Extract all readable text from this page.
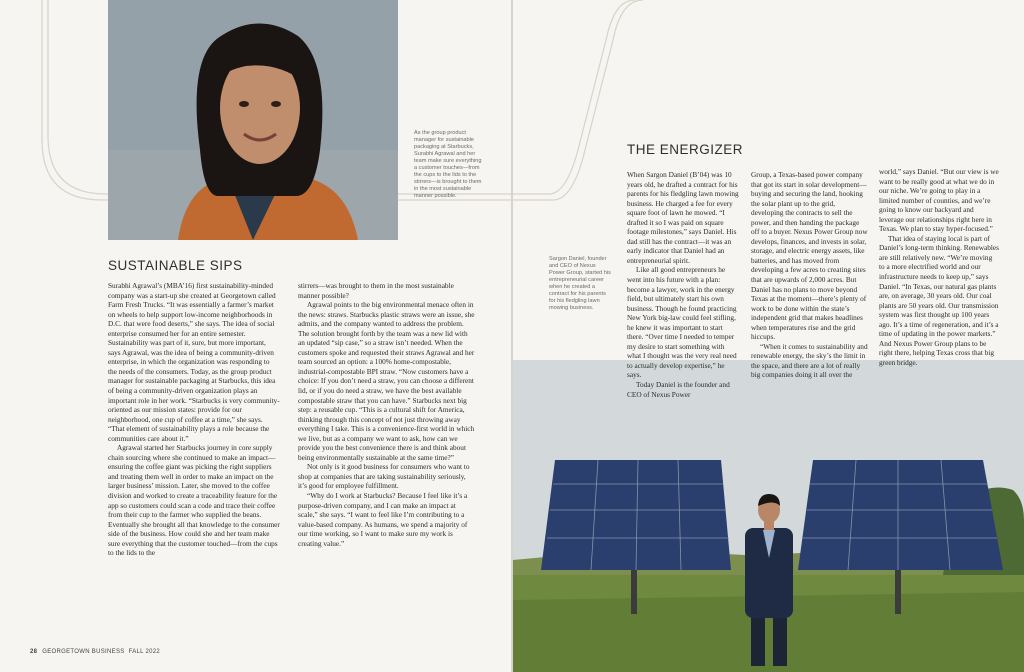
As the group product manager for sustainable packaging at Starbucks, Surabhi Agrawal and her team make sure everything a customer touches—from the cups to the lids to the stirrers—is brought to them in the most sustainable manner possible.
SUSTAINABLE SIPS

Surabhi Agrawal’s (MBA’16) first sustainability-minded company was a start-up she created at Georgetown called Farm Fresh Trucks. “It was essentially a farmer’s market on wheels to help support low-income neighborhoods in D.C. that were food deserts,” she says. The idea of social enterprise consumed her for an entire semester. Sustainability was part of it, sure, but more important, says Agrawal, was the idea of being a community-driven enterprise, in which the organization was responding to the needs of the consumers. Today, as the group product manager for sustainable packaging at Starbucks, this idea of being a community-driven organization plays an important role in her work. “Starbucks is very community-oriented as our mission states: provide for our neighborhood, one cup of coffee at a time,” she says. “That element of sustainability plays a role because the communities care about it.”

Agrawal started her Starbucks journey in core supply chain sourcing where she continued to make an impact—ensuring the coffee giant was picking the right suppliers and treating them well in order to make an impact on the larger business’ mission. Later, she moved to the coffee division and worked to create a traceability feature for the app so customers could scan a code and trace their coffee from their cup to the farmer who supplied the beans. Eventually she brought all that knowledge to the consumer side of the business. How could she and her team make sure everything that the customer touched—from the cups to the lids to the

stirrers—was brought to them in the most sustainable manner possible?

Agrawal points to the big environmental menace often in the news: straws. Starbucks plastic straws were an issue, she admits, and the company wanted to address the problem. The solution brought forth by the team was a new lid with an updated “sip case,” so a straw isn’t needed. When the customers spoke and requested their straws Agrawal and her team sourced an option: a 100% home-compostable, industrial-compostable BPI straw. “Now customers have a choice: If you don’t need a straw, you can choose a different lid, or if you do need a straw, we have the best available compostable straw that you can have.” Starbucks next big step: a reusable cup. “This is a cultural shift for America, thinking through this concept of not just throwing away everything I take. This is a convenience-first world in which we live, but as a company we want to ask, how can we provide you the best convenience there is and think about being environmentally sustainable at the same time?”

Not only is it good business for consumers who want to shop at companies that are taking sustainability seriously, it’s good for employee fulfillment.

“Why do I work at Starbucks? Because I feel like it’s a purpose-driven company, and I can make an impact at scale,” she says. “I want to feel like I’m contributing to a value-based company. As humans, we spend a majority of our time working, so I want to make sure my work is creating value.”

28 GEORGETOWN BUSINESS FALL 2022
Sargon Daniel, founder and CEO of Nexus Power Group, started his entrepreneurial career when he created a contract for his parents for his fledgling lawn mowing business.
THE ENERGIZER

When Sargon Daniel (B’04) was 10 years old, he drafted a contract for his parents for his fledgling lawn mowing business. He charged a fee for every square foot of lawn he mowed. “I drafted it so I was paid on square footage milestones,” says Daniel. His dad still has the contract—it was an early indicator that Daniel had an entrepreneurial spirit.

Like all good entrepreneurs he went into his future with a plan: become a lawyer, work in the energy field, but ultimately start his own business. Though he found practicing New York big-law could feel stifling, he knew it was important to start there. “Over time I needed to temper my desire to start something with what I thought was the very real need to actually develop expertise,” he says.

Today Daniel is the founder and CEO of Nexus Power

Group, a Texas-based power company that got its start in solar development—buying and securing the land, hooking the solar plant up to the grid, developing the contracts to sell the power, and then handing the package off to a buyer. Nexus Power Group now develops, finances, and invests in solar, storage, and electric energy assets, like batteries, and has moved from developing a few acres to creating sites that are upwards of 2,000 acres. But Daniel has no plans to move beyond Texas at the moment—there’s plenty of work to be done within the state’s independent grid that makes headlines when temperatures rise and the grid hiccups.

“When it comes to sustainability and renewable energy, the sky’s the limit in the space, and there are a lot of really big companies doing it all over the

world,” says Daniel. “But our view is we want to be really good at what we do in our niche. We’re going to play in a limited number of counties, and we’re going to know our backyard and leverage our relationships right here in Texas. We plan to stay hyper-focused.”

That idea of staying local is part of Daniel’s long-term thinking. Renewables are still relatively new. “We’re moving to a more electrified world and our infrastructure needs to keep up,” says Daniel. “In Texas, our natural gas plants are, on average, 30 years old. Our coal plants are 50 years old. Our transmission system was first thought up 100 years ago. It’s a time of regeneration, and it’s a time of updating in the power markets.” And Nexus Power Group plans to be right there, helping Texas cross that big green bridge.
